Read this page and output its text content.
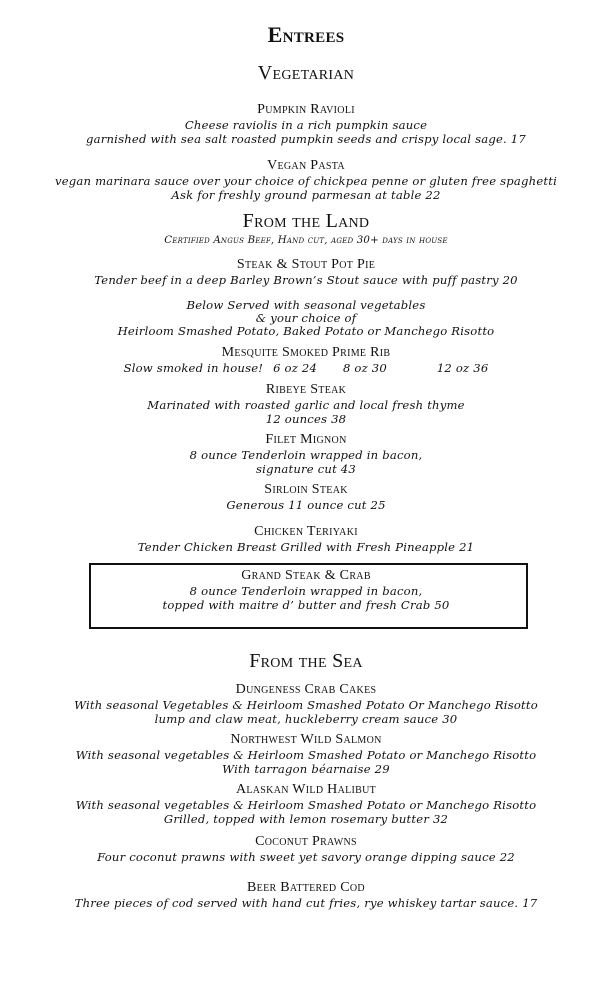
Entrees
Vegetarian
Pumpkin Ravioli
Cheese raviolis in a rich pumpkin sauce
garnished with sea salt roasted pumpkin seeds and crispy local sage. 17
Vegan Pasta
vegan marinara sauce over your choice of chickpea penne or gluten free spaghetti
Ask for freshly ground parmesan at table 22
From the Land
Certified Angus Beef, Hand cut, aged 30+ days in house
Steak & Stout Pot Pie
Tender beef in a deep Barley Brown’s Stout sauce with puff pastry 20
Below Served with seasonal vegetables
& your choice of
Heirloom Smashed Potato, Baked Potato or Manchego Risotto
Mesquite Smoked Prime Rib
Slow smoked in house! 6 oz 24 8 oz 30	12 oz 36
Ribeye Steak
Marinated with roasted garlic and local fresh thyme
12 ounces 38
Filet Mignon
8 ounce Tenderloin wrapped in bacon,
signature cut 43
Sirloin Steak
Generous 11 ounce cut 25
Chicken Teriyaki
Tender Chicken Breast Grilled with Fresh Pineapple 21
Grand Steak & Crab
8 ounce Tenderloin wrapped in bacon,
topped with maitre d’ butter and fresh Crab 50
From the Sea
Dungeness Crab Cakes
With seasonal Vegetables & Heirloom Smashed Potato Or Manchego Risotto
lump and claw meat, huckleberry cream sauce 30
Northwest Wild Salmon
With seasonal vegetables & Heirloom Smashed Potato or Manchego Risotto
With tarragon béarnaise 29
Alaskan Wild Halibut
With seasonal vegetables & Heirloom Smashed Potato or Manchego Risotto
Grilled, topped with lemon rosemary butter 32
Coconut Prawns
Four coconut prawns with sweet yet savory orange dipping sauce 22
Beer Battered Cod
Three pieces of cod served with hand cut fries, rye whiskey tartar sauce. 17
